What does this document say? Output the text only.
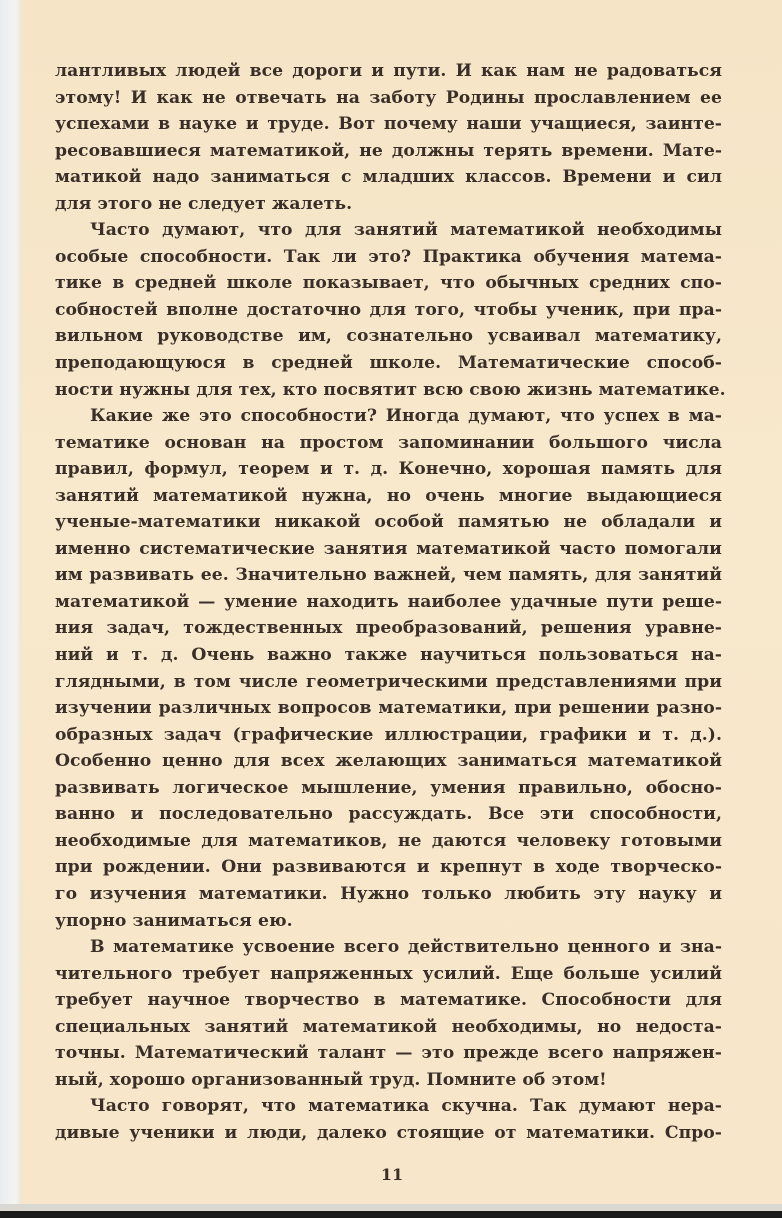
лантливых людей все дороги и пути. И как нам не радоваться
этому! И как не отвечать на заботу Родины прославлением ее
успехами в науке и труде. Вот почему наши учащиеся, заинте-
ресовавшиеся математикой, не должны терять времени. Мате-
матикой надо заниматься с младших классов. Времени и сил
для этого не следует жалеть.
Часто думают, что для занятий математикой необходимы
особые способности. Так ли это? Практика обучения матема-
тике в средней школе показывает, что обычных средних спо-
собностей вполне достаточно для того, чтобы ученик, при пра-
вильном руководстве им, сознательно усваивал математику,
преподающуюся в средней школе. Математические способ-
ности нужны для тех, кто посвятит всю свою жизнь математике.
Какие же это способности? Иногда думают, что успех в ма-
тематике основан на простом запоминании большого числа
правил, формул, теорем и т. д. Конечно, хорошая память для
занятий математикой нужна, но очень многие выдающиеся
ученые-математики никакой особой памятью не обладали и
именно систематические занятия математикой часто помогали
им развивать ее. Значительно важней, чем память, для занятий
математикой — умение находить наиболее удачные пути реше-
ния задач, тождественных преобразований, решения уравне-
ний и т. д. Очень важно также научиться пользоваться на-
глядными, в том числе геометрическими представлениями при
изучении различных вопросов математики, при решении разно-
образных задач (графические иллюстрации, графики и т. д.).
Особенно ценно для всех желающих заниматься математикой
развивать логическое мышление, умения правильно, обосно-
ванно и последовательно рассуждать. Все эти способности,
необходимые для математиков, не даются человеку готовыми
при рождении. Они развиваются и крепнут в ходе творческо-
го изучения математики. Нужно только любить эту науку и
упорно заниматься ею.
В математике усвоение всего действительно ценного и зна-
чительного требует напряженных усилий. Еще больше усилий
требует научное творчество в математике. Способности для
специальных занятий математикой необходимы, но недоста-
точны. Математический талант — это прежде всего напряжен-
ный, хорошо организованный труд. Помните об этом!
Часто говорят, что математика скучна. Так думают нера-
дивые ученики и люди, далеко стоящие от математики. Спро-
11
